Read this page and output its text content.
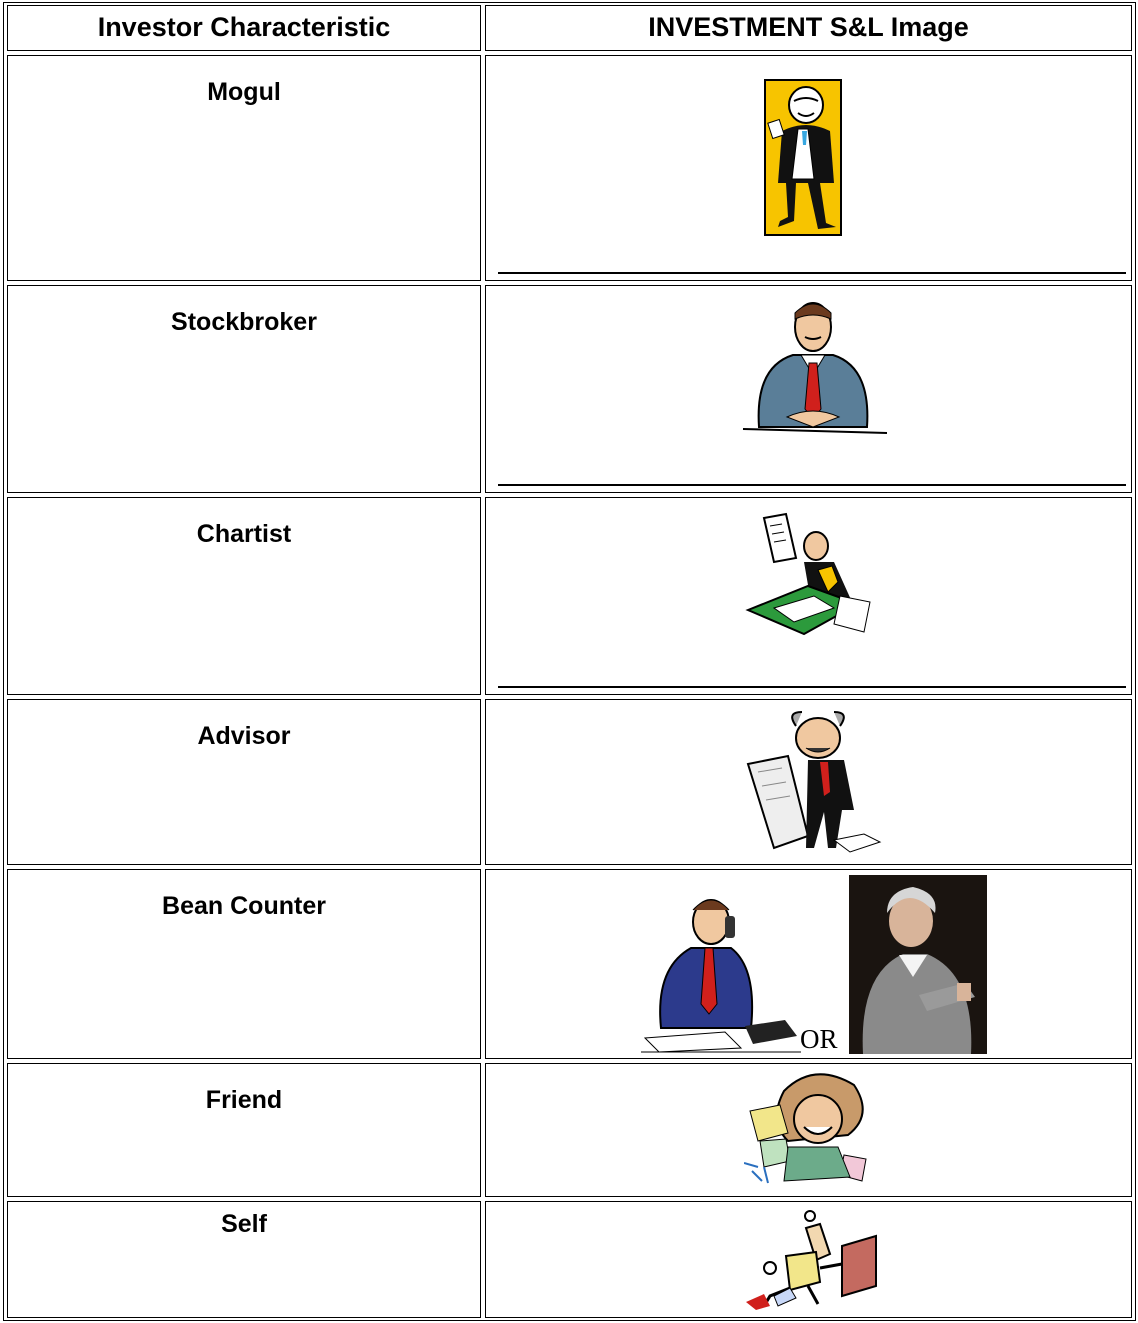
Investor Characteristic	INVESTMENT S&L Image
Mogul
Stockbroker
Chartist
Advisor
Bean Counter
OR
Friend
Self
